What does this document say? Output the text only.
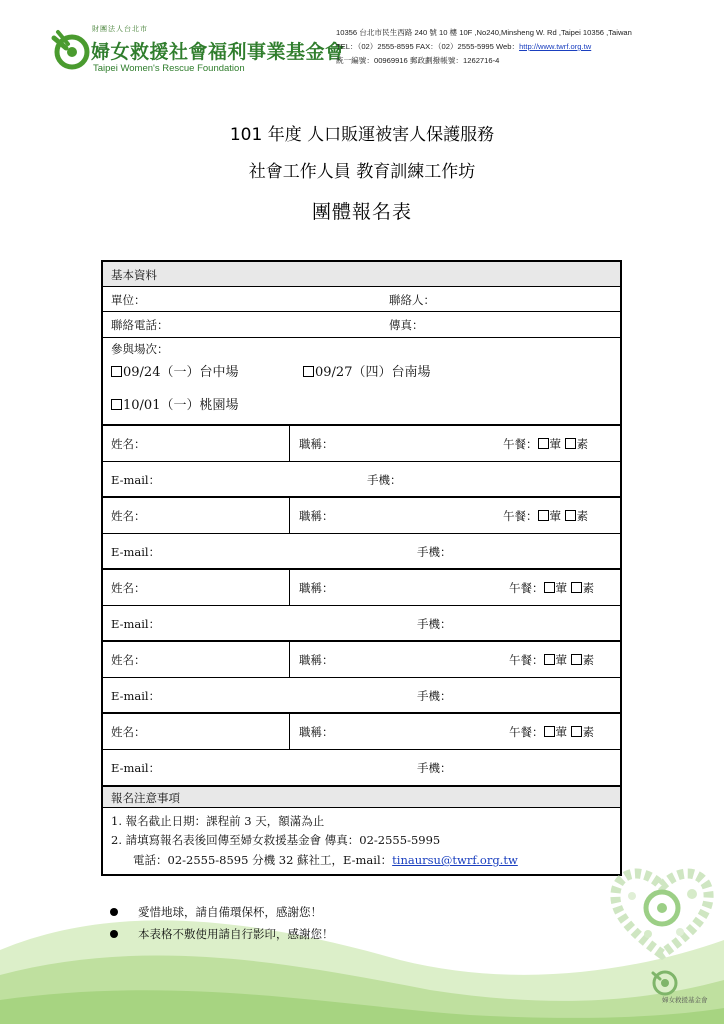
財團法人台北市
婦女救援社會福利事業基金會
Taipei Women's Rescue Foundation
10356 台北市民生西路 240 號 10 樓 10F ,No240,Minsheng W. Rd ,Taipei 10356 ,Taiwan
TEL：（02）2555-8595 FAX：（02）2555-5995 Web：http://www.twrf.org.tw
統一編號：00969916 郵政劃撥帳號：1262716-4
101 年度 人口販運被害人保護服務
社會工作人員 教育訓練工作坊
團體報名表
基本資料
單位：	聯絡人：
聯絡電話：	傳真：
參與場次：
09/24（一）台中場	09/27（四）台南場
10/01（一）桃園場
姓名：	職稱：	午餐： 葷 素
E-mail：	手機：
姓名：	職稱：	午餐： 葷 素
E-mail：	手機：
姓名：	職稱：	午餐： 葷 素
E-mail：	手機：
姓名：	職稱：	午餐： 葷 素
E-mail：	手機：
姓名：	職稱：	午餐： 葷 素
E-mail：	手機：
報名注意事項
1. 報名截止日期：課程前 3 天，額滿為止
2. 請填寫報名表後回傳至婦女救援基金會 傳真：02-2555-5995
電話：02-2555-8595 分機 32 蘇社工，E-mail：tinaursu@twrf.org.tw
愛惜地球，請自備環保杯，感謝您！
本表格不敷使用請自行影印，感謝您！
婦女救援基金會
